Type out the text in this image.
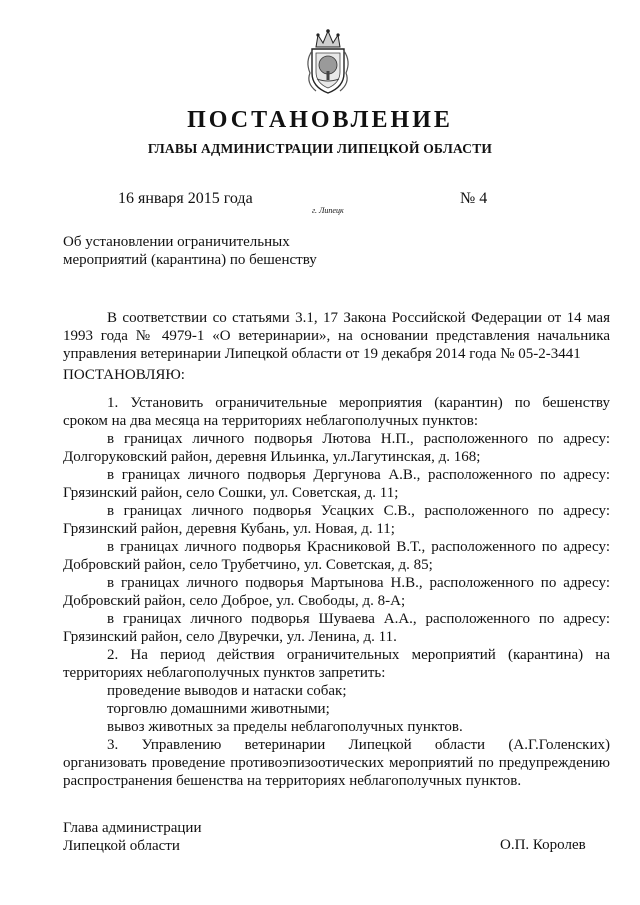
ПОСТАНОВЛЕНИЕ
ГЛАВЫ АДМИНИСТРАЦИИ ЛИПЕЦКОЙ ОБЛАСТИ
16 января 2015 года
г. Липецк
№ 4
Об установлении ограничительных
мероприятий (карантина) по бешенству
В соответствии со статьями 3.1, 17 Закона Российской Федерации от 14 мая
1993 года № 4979-1 «О ветеринарии», на основании представления начальника
управления ветеринарии Липецкой области от 19 декабря 2014 года № 05-2-3441
ПОСТАНОВЛЯЮ:
1. Установить ограничительные мероприятия (карантин) по бешенству
сроком на два месяца на территориях неблагополучных пунктов:
в границах личного подворья Лютова Н.П., расположенного по адресу:
Долгоруковский район, деревня Ильинка, ул.Лагутинская, д. 168;
в границах личного подворья Дергунова А.В., расположенного по адресу:
Грязинский район, село Сошки, ул. Советская, д. 11;
в границах личного подворья Усацких С.В., расположенного по адресу:
Грязинский район, деревня Кубань, ул. Новая, д. 11;
в границах личного подворья Красниковой В.Т., расположенного по адресу:
Добровский район, село Трубетчино, ул. Советская, д. 85;
в границах личного подворья Мартынова Н.В., расположенного по адресу:
Добровский район, село Доброе, ул. Свободы, д. 8-А;
в границах личного подворья Шуваева А.А., расположенного по адресу:
Грязинский район, село Двуречки, ул. Ленина, д. 11.
2. На период действия ограничительных мероприятий (карантина) на
территориях неблагополучных пунктов запретить:
проведение выводов и натаски собак;
торговлю домашними животными;
вывоз животных за пределы неблагополучных пунктов.
3. Управлению ветеринарии Липецкой области (А.Г.Голенских)
организовать проведение противоэпизоотических мероприятий по предупреждению
распространения бешенства на территориях неблагополучных пунктов.
Глава администрации
Липецкой области	О.П. Королев
